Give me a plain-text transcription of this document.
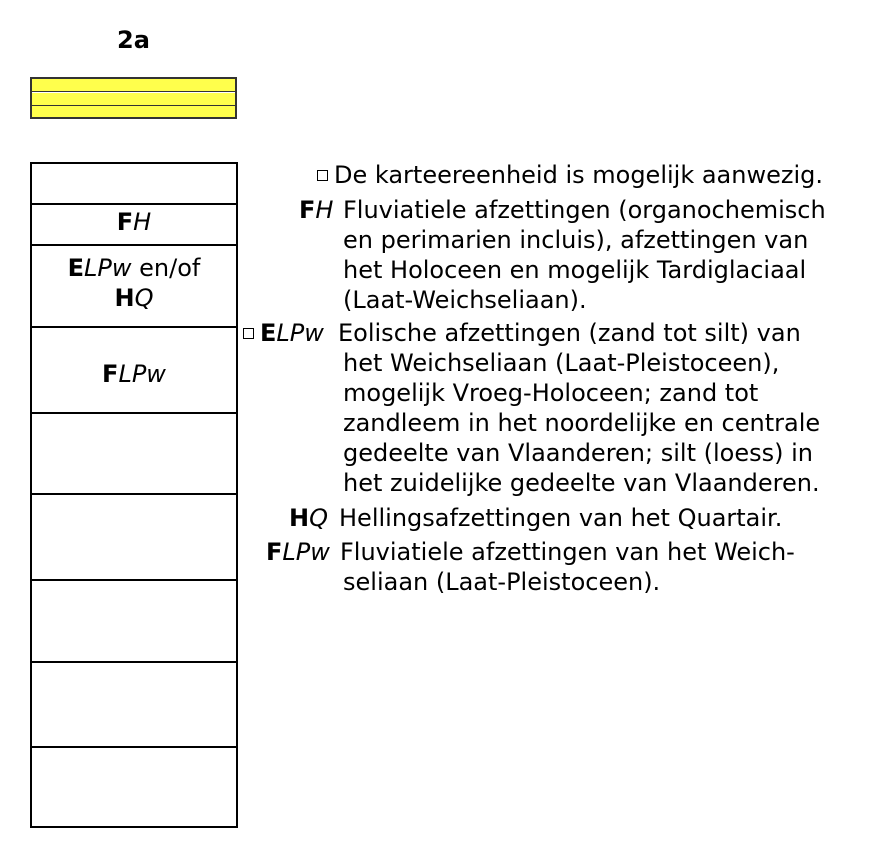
2a
FH
ELPw en/of
HQ
FLPw
De karteereenheid is mogelijk aanwezig.
FH Fluviatiele afzettingen (organochemisch
en perimarien incluis), afzettingen van
het Holoceen en mogelijk Tardiglaciaal
(Laat-Weichseliaan).
ELPw Eolische afzettingen (zand tot silt) van
het Weichseliaan (Laat-Pleistoceen),
mogelijk Vroeg-Holoceen; zand tot
zandleem in het noordelijke en centrale
gedeelte van Vlaanderen; silt (loess) in
het zuidelijke gedeelte van Vlaanderen.
HQ Hellingsafzettingen van het Quartair.
FLPw Fluviatiele afzettingen van het Weich-
seliaan (Laat-Pleistoceen).
